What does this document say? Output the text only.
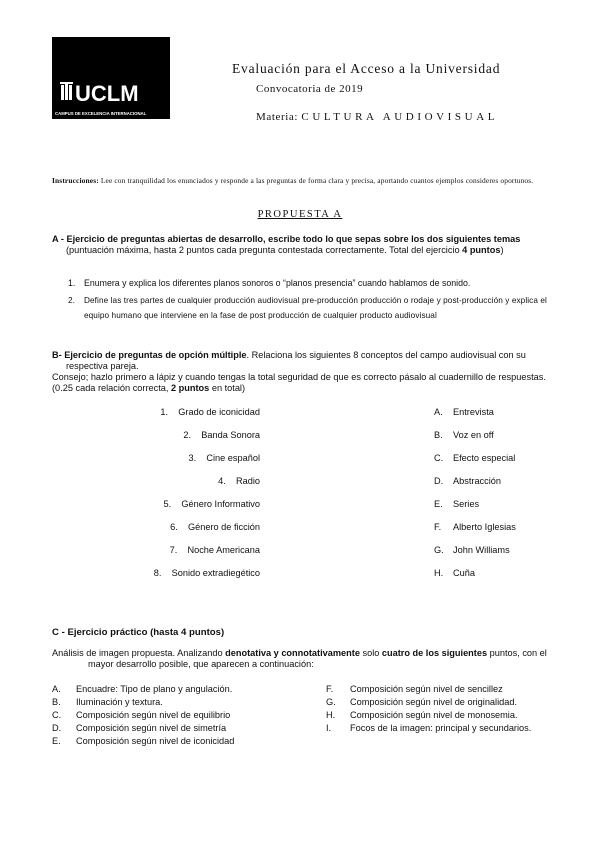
UCLM
CAMPUS DE EXCELENCIA INTERNACIONAL
Evaluación para el Acceso a la Universidad
Convocatoria de 2019
Materia: CULTURA AUDIOVISUAL
Instrucciones: Lee con tranquilidad los enunciados y responde a las preguntas de forma clara y precisa, aportando cuantos ejemplos consideres oportunos.
PROPUESTA A
A - Ejercicio de preguntas abiertas de desarrollo, escribe todo lo que sepas sobre los dos siguientes temas (puntuación máxima, hasta 2 puntos cada pregunta contestada correctamente. Total del ejercicio 4 puntos)
1. Enumera y explica los diferentes planos sonoros o “planos presencia” cuando hablamos de sonido.
2.	Define las tres partes de cualquier producción audiovisual pre-producción producción o rodaje y post-producción y explica el equipo humano que interviene en la fase de post producción de cualquier producto audiovisual
B- Ejercicio de preguntas de opción múltiple. Relaciona los siguientes 8 conceptos del campo audiovisual con su respectiva pareja.
Consejo; hazlo primero a lápiz y cuando tengas la total seguridad de que es correcto pásalo al cuadernillo de respuestas. (0.25 cada relación correcta, 2 puntos en total)
1. Grado de iconicidad
2. Banda Sonora
3. Cine español
4. Radio
5. Género Informativo
6. Género de ficción
7. Noche Americana
8. Sonido extradiegético
A. Entrevista
B. Voz en off
C. Efecto especial
D. Abstracción
E. Series
F. Alberto Iglesias
G. John Williams
H. Cuña
C - Ejercicio práctico (hasta 4 puntos)
Análisis de imagen propuesta. Analizando denotativa y connotativamente solo cuatro de los siguientes puntos, con el mayor desarrollo posible, que aparecen a continuación:
A. Encuadre: Tipo de plano y angulación.
B. Iluminación y textura.
C. Composición según nivel de equilibrio
D. Composición según nivel de simetría
E. Composición según nivel de iconicidad
F. Composición según nivel de sencillez
G. Composición según nivel de originalidad.
H. Composición según nivel de monosemia.
I. Focos de la imagen: principal y secundarios.
